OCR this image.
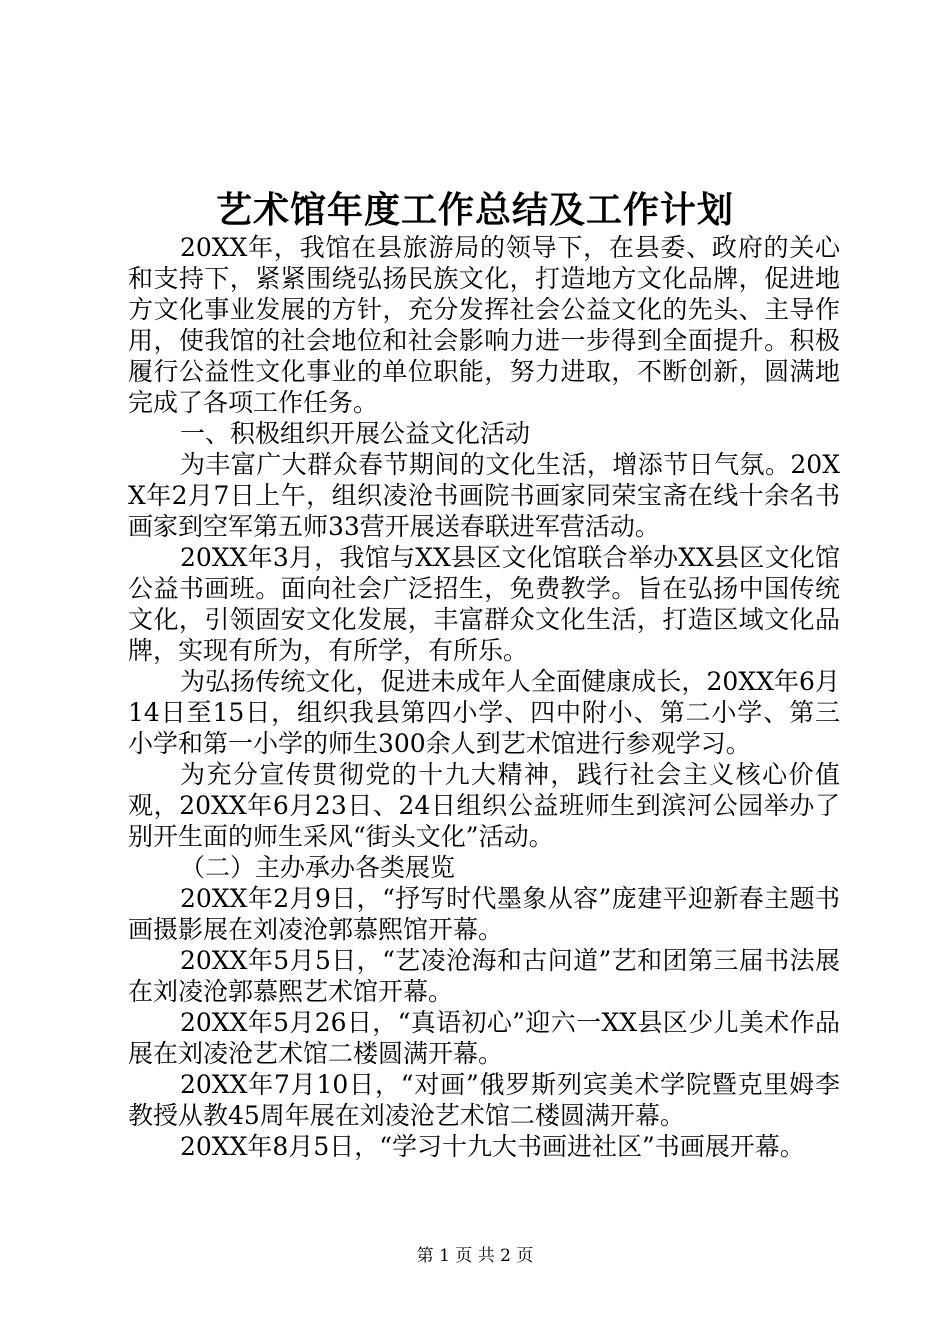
艺术馆年度工作总结及工作计划

20XX年，我馆在县旅游局的领导下，在县委、政府的关心和支持下，紧紧围绕弘扬民族文化，打造地方文化品牌，促进地方文化事业发展的方针，充分发挥社会公益文化的先头、主导作用，使我馆的社会地位和社会影响力进一步得到全面提升。积极履行公益性文化事业的单位职能，努力进取，不断创新，圆满地完成了各项工作任务。

一、积极组织开展公益文化活动

为丰富广大群众春节期间的文化生活，增添节日气氛。20XX年2月7日上午，组织凌沧书画院书画家同荣宝斋在线十余名书画家到空军第五师33营开展送春联进军营活动。

20XX年3月，我馆与XX县区文化馆联合举办XX县区文化馆公益书画班。面向社会广泛招生，免费教学。旨在弘扬中国传统文化，引领固安文化发展，丰富群众文化生活，打造区域文化品牌，实现有所为，有所学，有所乐。

为弘扬传统文化，促进未成年人全面健康成长，20XX年6月14日至15日，组织我县第四小学、四中附小、第二小学、第三小学和第一小学的师生300余人到艺术馆进行参观学习。

为充分宣传贯彻党的十九大精神，践行社会主义核心价值观，20XX年6月23日、24日组织公益班师生到滨河公园举办了别开生面的师生采风“街头文化”活动。

（二）主办承办各类展览

20XX年2月9日，“抒写时代墨象从容”庞建平迎新春主题书画摄影展在刘凌沧郭慕熙馆开幕。

20XX年5月5日，“艺凌沧海和古问道”艺和团第三届书法展在刘凌沧郭慕熙艺术馆开幕。

20XX年5月26日，“真语初心”迎六一XX县区少儿美术作品展在刘凌沧艺术馆二楼圆满开幕。

20XX年7月10日，“对画”俄罗斯列宾美术学院暨克里姆李教授从教45周年展在刘凌沧艺术馆二楼圆满开幕。

20XX年8月5日，“学习十九大书画进社区”书画展开幕。

第 1 页 共 2 页
